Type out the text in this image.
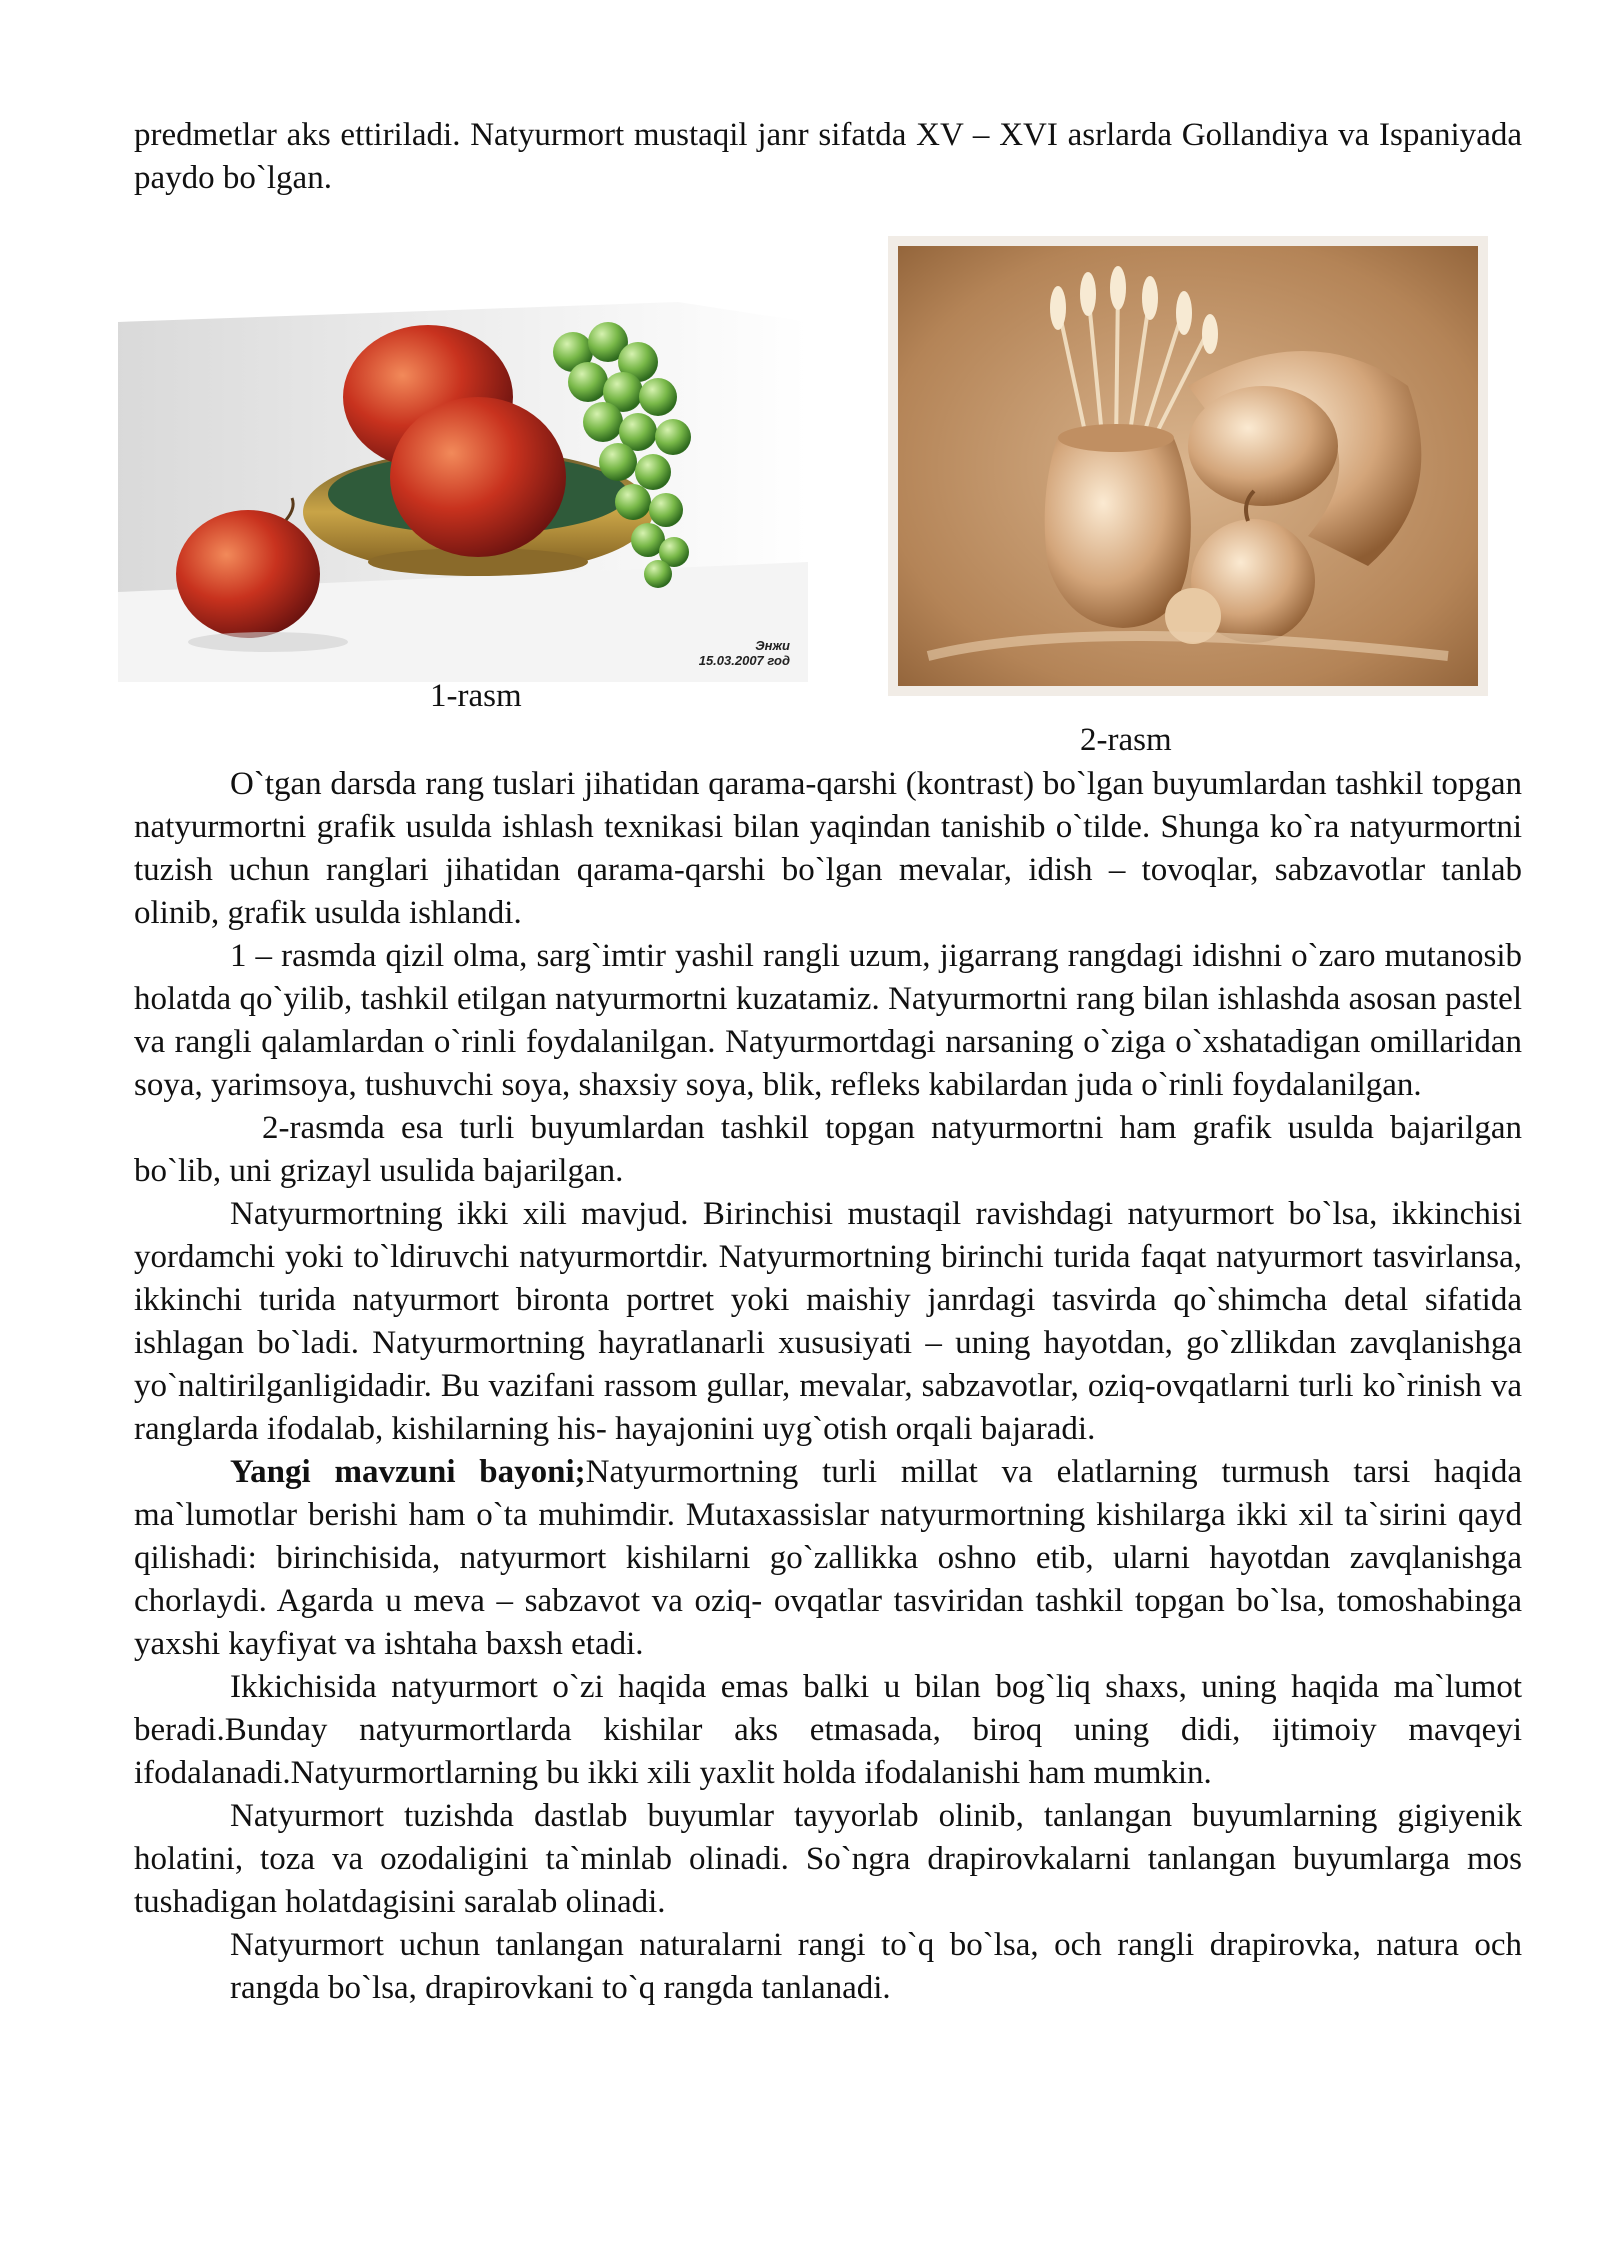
predmetlar aks ettiriladi. Natyurmort mustaqil janr sifatda XV – XVI asrlarda Gollandiya va Ispaniyada paydo bo`lgan.

Энжи
15.03.2007 год
1-rasm
2-rasm

O`tgan darsda rang tuslari jihatidan qarama-qarshi (kontrast) bo`lgan buyumlardan tashkil topgan natyurmortni grafik usulda ishlash texnikasi bilan yaqindan tanishib o`tilde. Shunga ko`ra natyurmortni tuzish uchun ranglari jihatidan qarama-qarshi bo`lgan mevalar, idish – tovoqlar, sabzavotlar tanlab olinib, grafik usulda ishlandi.

1 – rasmda qizil olma, sarg`imtir yashil rangli uzum, jigarrang rangdagi idishni o`zaro mutanosib holatda qo`yilib, tashkil etilgan natyurmortni kuzatamiz. Natyurmortni rang bilan ishlashda asosan pastel va rangli qalamlardan o`rinli foydalanilgan. Natyurmortdagi narsaning o`ziga o`xshatadigan omillaridan soya, yarimsoya, tushuvchi soya, shaxsiy soya, blik, refleks kabilardan juda o`rinli foydalanilgan.

2-rasmda esa turli buyumlardan tashkil topgan natyurmortni ham grafik usulda bajarilgan bo`lib, uni grizayl usulida bajarilgan.

Natyurmortning ikki xili mavjud. Birinchisi mustaqil ravishdagi natyurmort bo`lsa, ikkinchisi yordamchi yoki to`ldiruvchi natyurmortdir. Natyurmortning birinchi turida faqat natyurmort tasvirlansa, ikkinchi turida natyurmort bironta portret yoki maishiy janrdagi tasvirda qo`shimcha detal sifatida ishlagan bo`ladi. Natyurmortning hayratlanarli xususiyati – uning hayotdan, go`zllikdan zavqlanishga yo`naltirilganligidadir. Bu vazifani rassom gullar, mevalar, sabzavotlar, oziq-ovqatlarni turli ko`rinish va ranglarda ifodalab, kishilarning his- hayajonini uyg`otish orqali bajaradi.

Yangi mavzuni bayoni;Natyurmortning turli millat va elatlarning turmush tarsi haqida ma`lumotlar berishi ham o`ta muhimdir. Mutaxassislar natyurmortning kishilarga ikki xil ta`sirini qayd qilishadi: birinchisida, natyurmort kishilarni go`zallikka oshno etib, ularni hayotdan zavqlanishga chorlaydi. Agarda u meva – sabzavot va oziq- ovqatlar tasviridan tashkil topgan bo`lsa, tomoshabinga yaxshi kayfiyat va ishtaha baxsh etadi.

Ikkichisida natyurmort o`zi haqida emas balki u bilan bog`liq shaxs, uning haqida ma`lumot beradi.Bunday natyurmortlarda kishilar aks etmasada, biroq uning didi, ijtimoiy mavqeyi ifodalanadi.Natyurmortlarning bu ikki xili yaxlit holda ifodalanishi ham mumkin.

Natyurmort tuzishda dastlab buyumlar tayyorlab olinib, tanlangan buyumlarning gigiyenik holatini, toza va ozodaligini ta`minlab olinadi. So`ngra drapirovkalarni tanlangan buyumlarga mos tushadigan holatdagisini saralab olinadi.

Natyurmort uchun tanlangan naturalarni rangi to`q bo`lsa, och rangli drapirovka, natura och rangda bo`lsa, drapirovkani to`q rangda tanlanadi.
